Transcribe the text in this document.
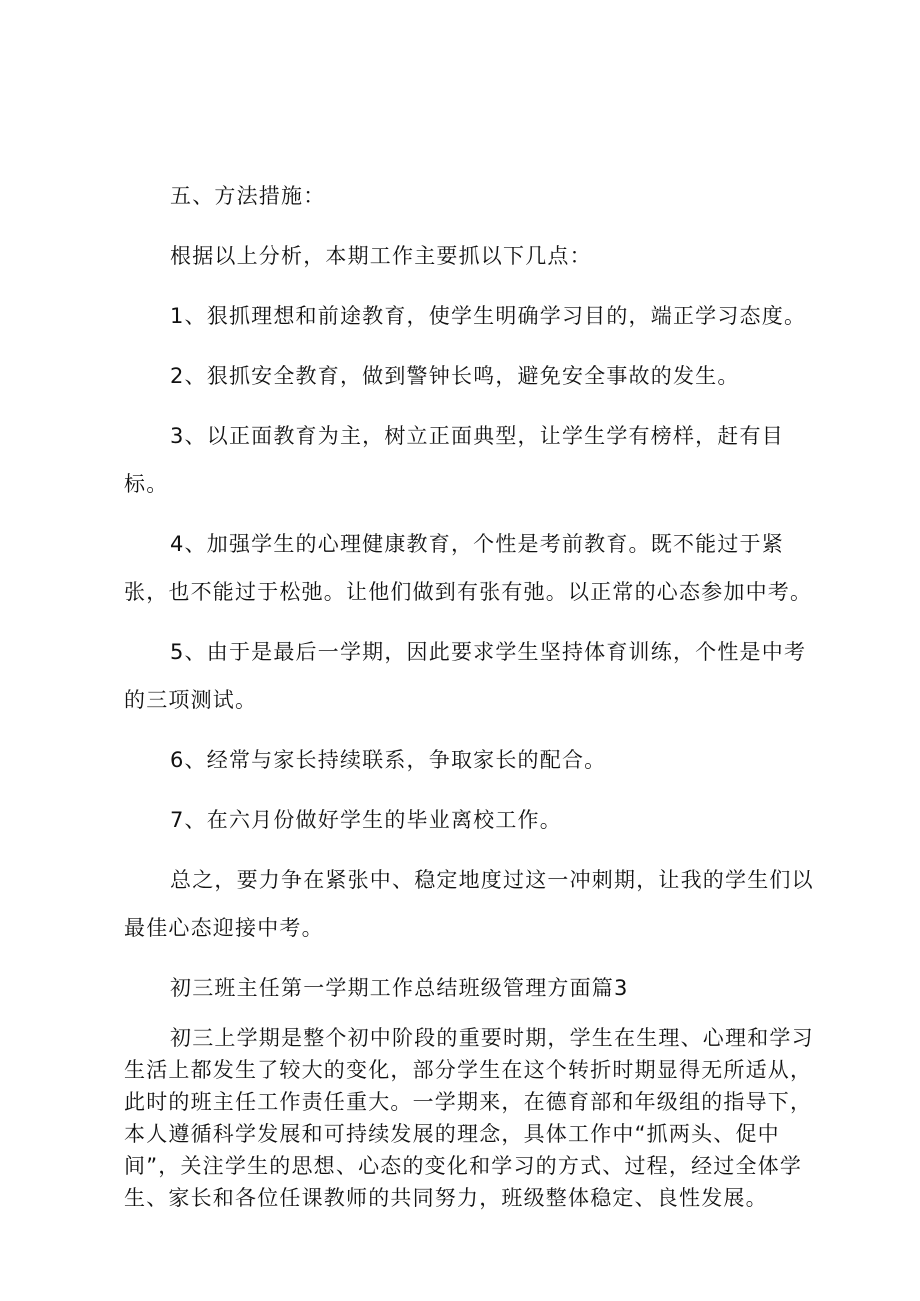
五、方法措施：

根据以上分析，本期工作主要抓以下几点：

1、狠抓理想和前途教育，使学生明确学习目的，端正学习态度。

2、狠抓安全教育，做到警钟长鸣，避免安全事故的发生。

3、以正面教育为主，树立正面典型，让学生学有榜样，赶有目标。

4、加强学生的心理健康教育，个性是考前教育。既不能过于紧张，也不能过于松弛。让他们做到有张有弛。以正常的心态参加中考。

5、由于是最后一学期，因此要求学生坚持体育训练，个性是中考的三项测试。

6、经常与家长持续联系，争取家长的配合。

7、在六月份做好学生的毕业离校工作。

总之，要力争在紧张中、稳定地度过这一冲刺期，让我的学生们以最佳心态迎接中考。

初三班主任第一学期工作总结班级管理方面篇3

初三上学期是整个初中阶段的重要时期，学生在生理、心理和学习生活上都发生了较大的变化，部分学生在这个转折时期显得无所适从，此时的班主任工作责任重大。一学期来，在德育部和年级组的指导下，本人遵循科学发展和可持续发展的理念，具体工作中“抓两头、促中间”，关注学生的思想、心态的变化和学习的方式、过程，经过全体学生、家长和各位任课教师的共同努力，班级整体稳定、良性发展。
